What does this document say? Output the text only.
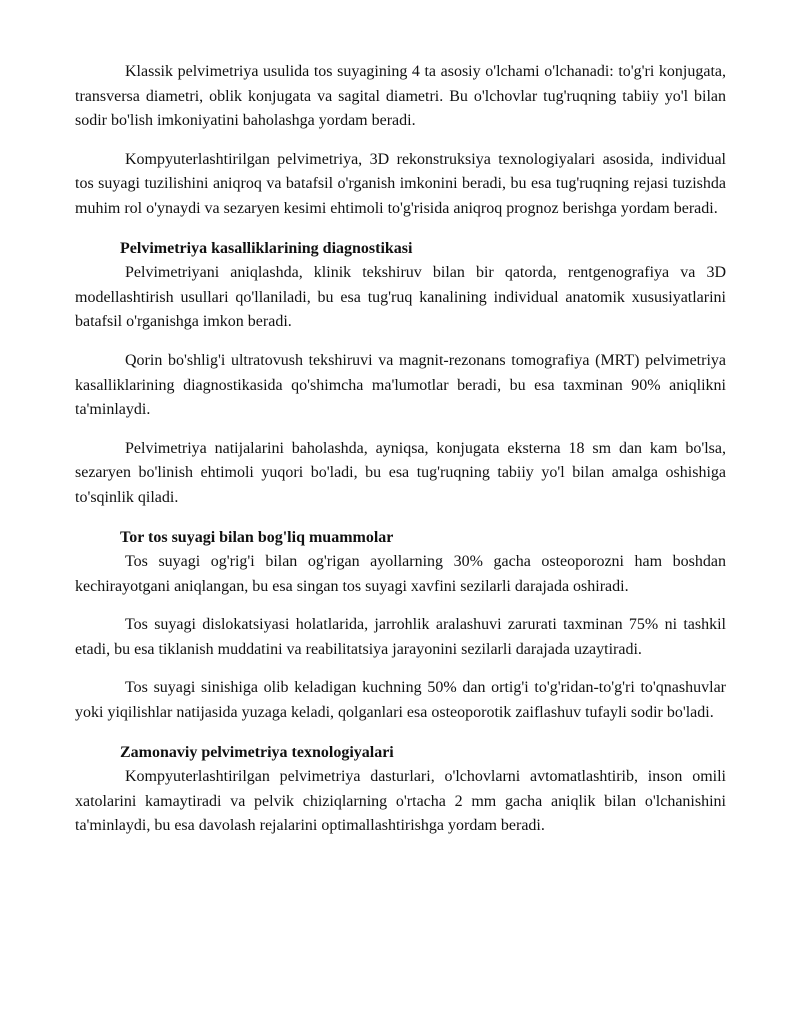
Klassik pelvimetriya usulida tos suyagining 4 ta asosiy o'lchami o'lchanadi: to'g'ri konjugata, transversa diametri, oblik konjugata va sagital diametri. Bu o'lchovlar tug'ruqning tabiiy yo'l bilan sodir bo'lish imkoniyatini baholashga yordam beradi.

Kompyuterlashtirilgan pelvimetriya, 3D rekonstruksiya texnologiyalari asosida, individual tos suyagi tuzilishini aniqroq va batafsil o'rganish imkonini beradi, bu esa tug'ruqning rejasi tuzishda muhim rol o'ynaydi va sezaryen kesimi ehtimoli to'g'risida aniqroq prognoz berishga yordam beradi.

Pelvimetriya kasalliklarining diagnostikasi

Pelvimetriyani aniqlashda, klinik tekshiruv bilan bir qatorda, rentgenografiya va 3D modellashtirish usullari qo'llaniladi, bu esa tug'ruq kanalining individual anatomik xususiyatlarini batafsil o'rganishga imkon beradi.

Qorin bo'shlig'i ultratovush tekshiruvi va magnit-rezonans tomografiya (MRT) pelvimetriya kasalliklarining diagnostikasida qo'shimcha ma'lumotlar beradi, bu esa taxminan 90% aniqlikni ta'minlaydi.

Pelvimetriya natijalarini baholashda, ayniqsa, konjugata eksterna 18 sm dan kam bo'lsa, sezaryen bo'linish ehtimoli yuqori bo'ladi, bu esa tug'ruqning tabiiy yo'l bilan amalga oshishiga to'sqinlik qiladi.

Tor tos suyagi bilan bog'liq muammolar

Tos suyagi og'rig'i bilan og'rigan ayollarning 30% gacha osteoporozni ham boshdan kechirayotgani aniqlangan, bu esa singan tos suyagi xavfini sezilarli darajada oshiradi.

Tos suyagi dislokatsiyasi holatlarida, jarrohlik aralashuvi zarurati taxminan 75% ni tashkil etadi, bu esa tiklanish muddatini va reabilitatsiya jarayonini sezilarli darajada uzaytiradi.

Tos suyagi sinishiga olib keladigan kuchning 50% dan ortig'i to'g'ridan-to'g'ri to'qnashuvlar yoki yiqilishlar natijasida yuzaga keladi, qolganlari esa osteoporotik zaiflashuv tufayli sodir bo'ladi.

Zamonaviy pelvimetriya texnologiyalari

Kompyuterlashtirilgan pelvimetriya dasturlari, o'lchovlarni avtomatlashtirib, inson omili xatolarini kamaytiradi va pelvik chiziqlarning o'rtacha 2 mm gacha aniqlik bilan o'lchanishini ta'minlaydi, bu esa davolash rejalarini optimallashtirishga yordam beradi.
